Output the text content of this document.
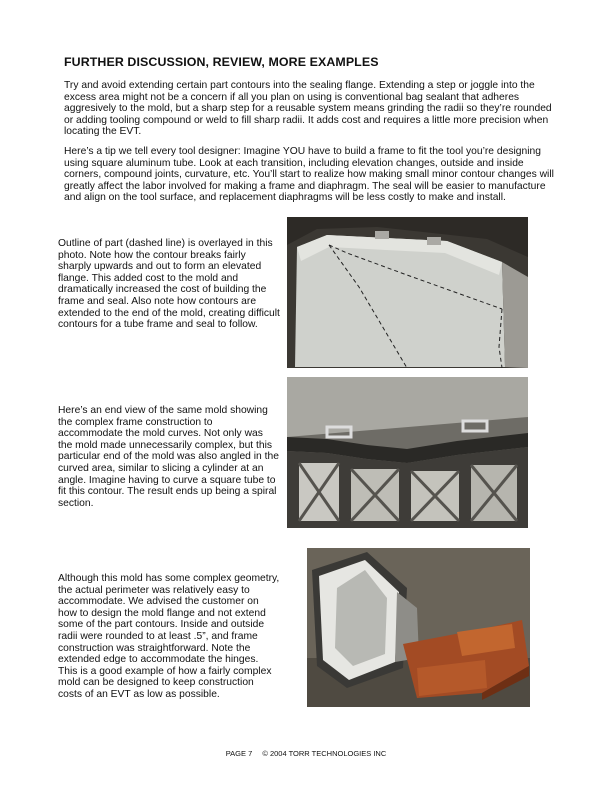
FURTHER DISCUSSION, REVIEW, MORE EXAMPLES
Try and avoid extending certain part contours into the sealing flange. Extending a step or joggle into the excess area might not be a concern if all you plan on using is conventional bag sealant that adheres aggresively to the mold, but a sharp step for a reusable system means grinding the radii so they’re rounded or adding tooling compound or weld to fill sharp radii. It adds cost and requires a little more precision when locating the EVT.
Here’s a tip we tell every tool designer: Imagine YOU have to build a frame to fit the tool you’re designing using square aluminum tube. Look at each transition, including elevation changes, outside and inside corners, compound joints, curvature, etc. You’ll start to realize how making small minor contour changes will greatly affect the labor involved for making a frame and diaphragm. The seal will be easier to manufacture and align on the tool surface, and replacement diaphragms will be less costly to make and install.
Outline of part (dashed line) is overlayed in this photo. Note how the contour breaks fairly sharply upwards and out to form an elevated flange. This added cost to the mold and dramatically increased the cost of building the frame and seal. Also note how contours are extended to the end of the mold, creating difficult contours for a tube frame and seal to follow.
Here’s an end view of the same mold showing the complex frame construction to accommodate the mold curves. Not only was the mold made unnecessarily complex, but this particular end of the mold was also angled in the curved area, similar to slicing a cylinder at an angle. Imagine having to curve a square tube to fit this contour. The result ends up being a spiral section.
Although this mold has some complex geometry, the actual perimeter was relatively easy to accommodate. We advised the customer on how to design the mold flange and not extend some of the part contours. Inside and outside radii were rounded to at least .5”, and frame construction was straightforward. Note the extended edge to accommodate the hinges. This is a good example of how a fairly complex mold can be designed to keep construction costs of an EVT as low as possible.
PAGE 7 © 2004 TORR TECHNOLOGIES INC
